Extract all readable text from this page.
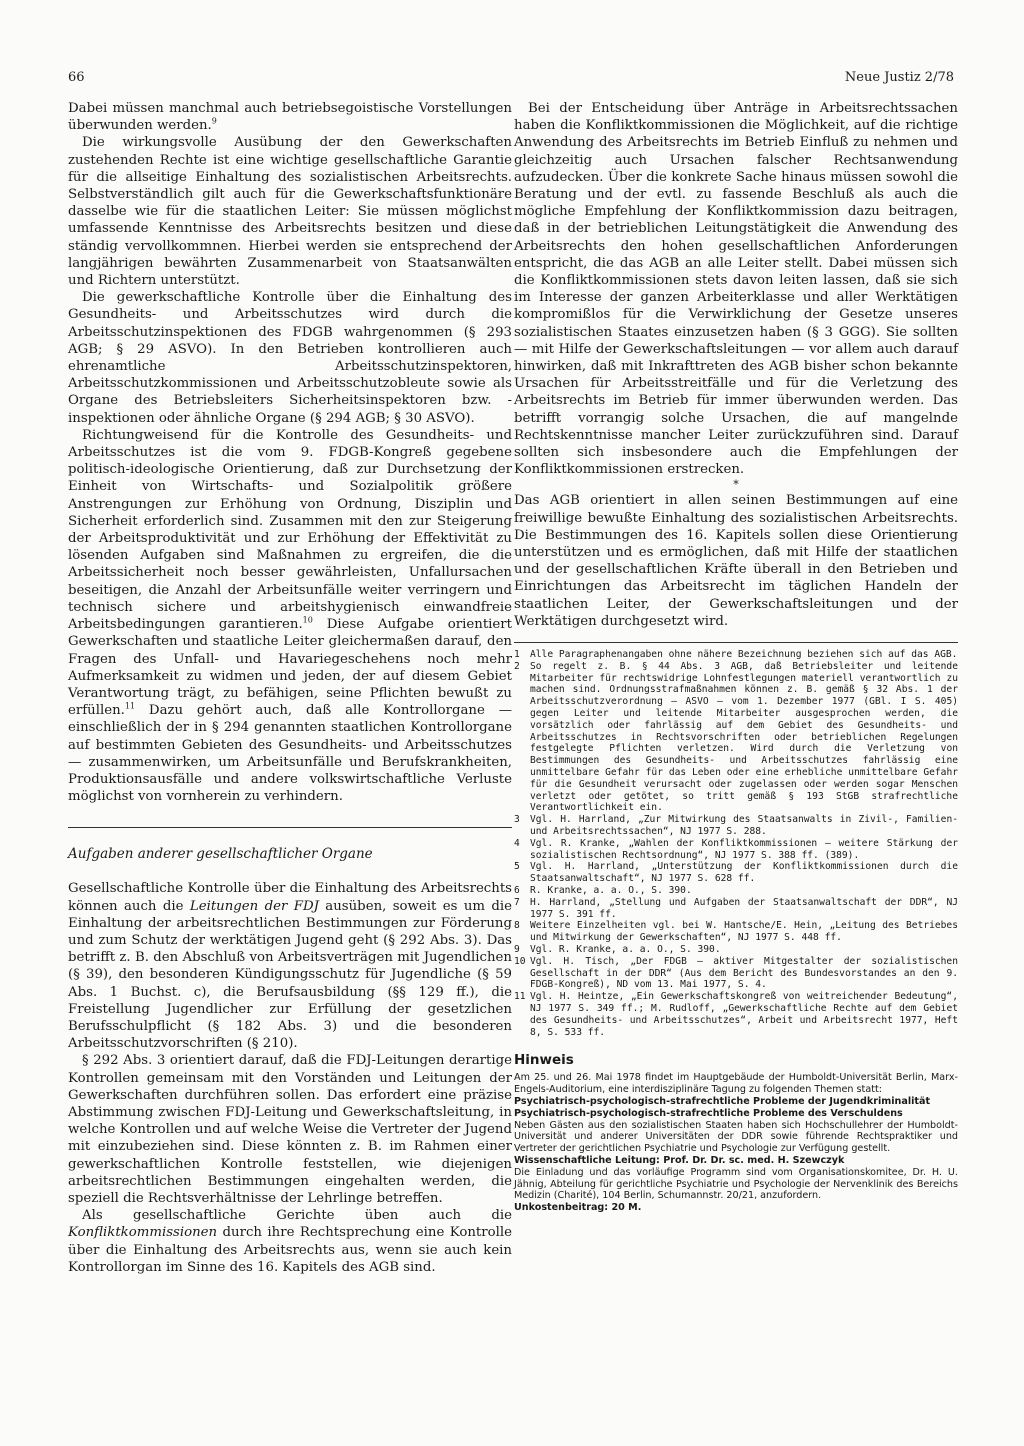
66	Neue Justiz 2/78

Dabei müssen manchmal auch betriebsegoistische Vorstellungen überwunden werden.$^9$

Die wirkungsvolle Ausübung der den Gewerkschaften zustehenden Rechte ist eine wichtige gesellschaftliche Garantie für die allseitige Einhaltung des sozialistischen Arbeitsrechts. Selbstverständlich gilt auch für die Gewerkschaftsfunktionäre dasselbe wie für die staatlichen Leiter: Sie müssen möglichst umfassende Kenntnisse des Arbeitsrechts besitzen und diese ständig vervollkommnen. Hierbei werden sie entsprechend der langjährigen bewährten Zusammenarbeit von Staatsanwälten und Richtern unterstützt.

Die gewerkschaftliche Kontrolle über die Einhaltung des Gesundheits- und Arbeitsschutzes wird durch die Arbeitsschutzinspektionen des FDGB wahrgenommen (§ 293 AGB; § 29 ASVO). In den Betrieben kontrollieren auch ehrenamtliche Arbeitsschutzinspektoren, Arbeitsschutzkommissionen und Arbeitsschutzobleute sowie als Organe des Betriebsleiters Sicherheitsinspektoren bzw. -inspektionen oder ähnliche Organe (§ 294 AGB; § 30 ASVO).

Richtungweisend für die Kontrolle des Gesundheits- und Arbeitsschutzes ist die vom 9. FDGB-Kongreß gegebene politisch-ideologische Orientierung, daß zur Durchsetzung der Einheit von Wirtschafts- und Sozialpolitik größere Anstrengungen zur Erhöhung von Ordnung, Disziplin und Sicherheit erforderlich sind. Zusammen mit den zur Steigerung der Arbeitsproduktivität und zur Erhöhung der Effektivität zu lösenden Aufgaben sind Maßnahmen zu ergreifen, die die Arbeitssicherheit noch besser gewährleisten, Unfallursachen beseitigen, die Anzahl der Arbeitsunfälle weiter verringern und technisch sichere und arbeitshygienisch einwandfreie Arbeitsbedingungen garantieren.$^{10}$ Diese Aufgabe orientiert Gewerkschaften und staatliche Leiter gleichermaßen darauf, den Fragen des Unfall- und Havariegeschehens noch mehr Aufmerksamkeit zu widmen und jeden, der auf diesem Gebiet Verantwortung trägt, zu befähigen, seine Pflichten bewußt zu erfüllen.$^{11}$ Dazu gehört auch, daß alle Kontrollorgane — einschließlich der in § 294 genannten staatlichen Kontrollorgane auf bestimmten Gebieten des Gesundheits- und Arbeitsschutzes — zusammenwirken, um Arbeitsunfälle und Berufskrankheiten, Produktionsausfälle und andere volkswirtschaftliche Verluste möglichst von vornherein zu verhindern.

Aufgaben anderer gesellschaftlicher Organe

Gesellschaftliche Kontrolle über die Einhaltung des Arbeitsrechts können auch die Leitungen der FDJ ausüben, soweit es um die Einhaltung der arbeitsrechtlichen Bestimmungen zur Förderung und zum Schutz der werktätigen Jugend geht (§ 292 Abs. 3). Das betrifft z. B. den Abschluß von Arbeitsverträgen mit Jugendlichen (§ 39), den besonderen Kündigungsschutz für Jugendliche (§ 59 Abs. 1 Buchst. c), die Berufsausbildung (§§ 129 ff.), die Freistellung Jugendlicher zur Erfüllung der gesetzlichen Berufsschulpflicht (§ 182 Abs. 3) und die besonderen Arbeitsschutzvorschriften (§ 210).

§ 292 Abs. 3 orientiert darauf, daß die FDJ-Leitungen derartige Kontrollen gemeinsam mit den Vorständen und Leitungen der Gewerkschaften durchführen sollen. Das erfordert eine präzise Abstimmung zwischen FDJ-Leitung und Gewerkschaftsleitung, in welche Kontrollen und auf welche Weise die Vertreter der Jugend mit einzubeziehen sind. Diese könnten z. B. im Rahmen einer gewerkschaftlichen Kontrolle feststellen, wie diejenigen arbeitsrechtlichen Bestimmungen eingehalten werden, die speziell die Rechtsverhältnisse der Lehrlinge betreffen.

Als gesellschaftliche Gerichte üben auch die Konfliktkommissionen durch ihre Rechtsprechung eine Kontrolle über die Einhaltung des Arbeitsrechts aus, wenn sie auch kein Kontrollorgan im Sinne des 16. Kapitels des AGB sind.

Bei der Entscheidung über Anträge in Arbeitsrechtssachen haben die Konfliktkommissionen die Möglichkeit, auf die richtige Anwendung des Arbeitsrechts im Betrieb Einfluß zu nehmen und gleichzeitig auch Ursachen falscher Rechtsanwendung aufzudecken. Über die konkrete Sache hinaus müssen sowohl die Beratung und der evtl. zu fassende Beschluß als auch die mögliche Empfehlung der Konfliktkommission dazu beitragen, daß in der betrieblichen Leitungstätigkeit die Anwendung des Arbeitsrechts den hohen gesellschaftlichen Anforderungen entspricht, die das AGB an alle Leiter stellt. Dabei müssen sich die Konfliktkommissionen stets davon leiten lassen, daß sie sich im Interesse der ganzen Arbeiterklasse und aller Werktätigen kompromißlos für die Verwirklichung der Gesetze unseres sozialistischen Staates einzusetzen haben (§ 3 GGG). Sie sollten — mit Hilfe der Gewerkschaftsleitungen — vor allem auch darauf hinwirken, daß mit Inkrafttreten des AGB bisher schon bekannte Ursachen für Arbeitsstreitfälle und für die Verletzung des Arbeitsrechts im Betrieb für immer überwunden werden. Das betrifft vorrangig solche Ursachen, die auf mangelnde Rechtskenntnisse mancher Leiter zurückzuführen sind. Darauf sollten sich insbesondere auch die Empfehlungen der Konfliktkommissionen erstrecken.

*

Das AGB orientiert in allen seinen Bestimmungen auf eine freiwillige bewußte Einhaltung des sozialistischen Arbeitsrechts. Die Bestimmungen des 16. Kapitels sollen diese Orientierung unterstützen und es ermöglichen, daß mit Hilfe der staatlichen und der gesellschaftlichen Kräfte überall in den Betrieben und Einrichtungen das Arbeitsrecht im täglichen Handeln der staatlichen Leiter, der Gewerkschaftsleitungen und der Werktätigen durchgesetzt wird.

1	Alle Paragraphenangaben ohne nähere Bezeichnung beziehen sich auf das AGB.
2	So regelt z. B. § 44 Abs. 3 AGB, daß Betriebsleiter und leitende Mitarbeiter für rechtswidrige Lohnfestlegungen materiell verantwortlich zu machen sind. Ordnungsstrafmaßnahmen können z. B. gemäß § 32 Abs. 1 der Arbeitsschutzverordnung — ASVO — vom 1. Dezember 1977 (GBl. I S. 405) gegen Leiter und leitende Mitarbeiter ausgesprochen werden, die vorsätzlich oder fahrlässig auf dem Gebiet des Gesundheits- und Arbeitsschutzes in Rechtsvorschriften oder betrieblichen Regelungen festgelegte Pflichten verletzen. Wird durch die Verletzung von Bestimmungen des Gesundheits- und Arbeitsschutzes fahrlässig eine unmittelbare Gefahr für das Leben oder eine erhebliche unmittelbare Gefahr für die Gesundheit verursacht oder zugelassen oder werden sogar Menschen verletzt oder getötet, so tritt gemäß § 193 StGB strafrechtliche Verantwortlichkeit ein.
3	Vgl. H. Harrland, „Zur Mitwirkung des Staatsanwalts in Zivil-, Familien- und Arbeitsrechtssachen“, NJ 1977 S. 288.
4	Vgl. R. Kranke, „Wahlen der Konfliktkommissionen — weitere Stärkung der sozialistischen Rechtsordnung“, NJ 1977 S. 388 ff. (389).
5	Vgl. H. Harrland, „Unterstützung der Konfliktkommissionen durch die Staatsanwaltschaft“, NJ 1977 S. 628 ff.
6	R. Kranke, a. a. O., S. 390.
7	H. Harrland, „Stellung und Aufgaben der Staatsanwaltschaft der DDR“, NJ 1977 S. 391 ff.
8	Weitere Einzelheiten vgl. bei W. Hantsche/E. Hein, „Leitung des Betriebes und Mitwirkung der Gewerkschaften“, NJ 1977 S. 448 ff.
9	Vgl. R. Kranke, a. a. O., S. 390.
10 Vgl. H. Tisch, „Der FDGB — aktiver Mitgestalter der sozialistischen Gesellschaft in der DDR“ (Aus dem Bericht des Bundesvorstandes an den 9. FDGB-Kongreß), ND vom 13. Mai 1977, S. 4.
11 Vgl. H. Heintze, „Ein Gewerkschaftskongreß von weitreichender Bedeutung“, NJ 1977 S. 349 ff.; M. Rudloff, „Gewerkschaftliche Rechte auf dem Gebiet des Gesundheits- und Arbeitsschutzes“, Arbeit und Arbeitsrecht 1977, Heft 8, S. 533 ff.
Hinweis

Am 25. und 26. Mai 1978 findet im Hauptgebäude der Humboldt-Universität Berlin, Marx-Engels-Auditorium, eine interdisziplinäre Tagung zu folgenden Themen statt:

Psychiatrisch-psychologisch-strafrechtliche Probleme der Jugendkriminalität

Psychiatrisch-psychologisch-strafrechtliche Probleme des Verschuldens

Neben Gästen aus den sozialistischen Staaten haben sich Hochschullehrer der Humboldt-Universität und anderer Universitäten der DDR sowie führende Rechtspraktiker und Vertreter der gerichtlichen Psychiatrie und Psychologie zur Verfügung gestellt.

Wissenschaftliche Leitung: Prof. Dr. Dr. sc. med. H. Szewczyk

Die Einladung und das vorläufige Programm sind vom Organisationskomitee, Dr. H. U. Jähnig, Abteilung für gerichtliche Psychiatrie und Psychologie der Nervenklinik des Bereichs Medizin (Charité), 104 Berlin, Schumannstr. 20/21, anzufordern.

Unkostenbeitrag: 20 M.
